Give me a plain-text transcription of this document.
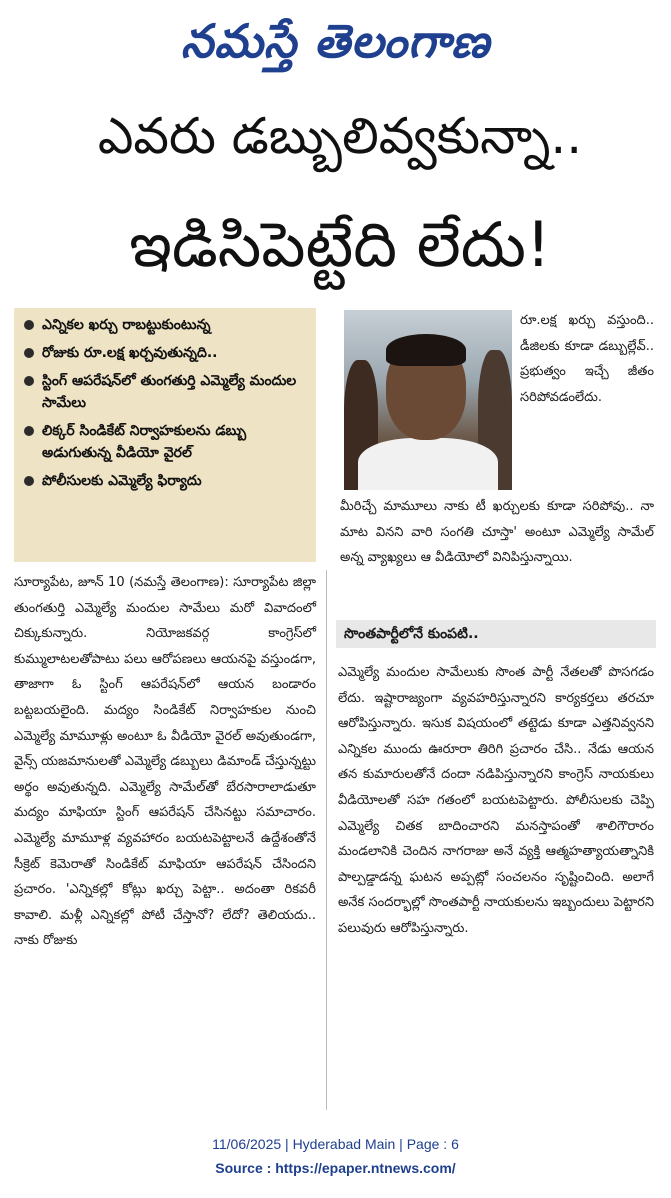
నమస్తే తెలంగాణ
ఎవరు డబ్బులివ్వకున్నా..
ఇడిసిపెట్టేది లేదు!
ఎన్నికల ఖర్చు రాబట్టుకుంటున్న
రోజుకు రూ.లక్ష ఖర్చవుతున్నది..
స్టింగ్ ఆపరేషన్‌లో తుంగతుర్తి ఎమ్మెల్యే మందుల సామేలు
లిక్కర్ సిండికేట్ నిర్వాహకులను డబ్బు అడుగుతున్న వీడియో వైరల్
పోలీసులకు ఎమ్మెల్యే ఫిర్యాదు
రూ.లక్ష ఖర్చు వస్తుంది.. డీజిలకు కూడా డబ్బుల్లేవ్.. ప్రభుత్వం ఇచ్చే జీతం సరిపోవడంలేదు.
మీరిచ్చే మామూలు నాకు టీ ఖర్చులకు కూడా సరిపోవు.. నా మాట వినని వారి సంగతి చూస్తా' అంటూ ఎమ్మెల్యే సామేల్ అన్న వ్యాఖ్యలు ఆ వీడియోలో వినిపిస్తున్నాయి.
సూర్యాపేట, జూన్ 10 (నమస్తే తెలంగాణ): సూర్యాపేట జిల్లా తుంగతుర్తి ఎమ్మెల్యే మందుల సామేలు మరో వివాదంలో చిక్కుకున్నారు. నియోజకవర్గ కాంగ్రెస్‌లో కుమ్ములాటలతోపాటు పలు ఆరోపణలు ఆయనపై వస్తుండగా, తాజాగా ఓ స్టింగ్ ఆపరేషన్‌లో ఆయన బండారం బట్టబయలైంది. మద్యం సిండికేట్ నిర్వాహకుల నుంచి ఎమ్మెల్యే మామూళ్లు అంటూ ఓ వీడియో వైరల్ అవుతుండగా, వైన్స్ యజమానులతో ఎమ్మెల్యే డబ్బులు డిమాండ్ చేస్తున్నట్టు అర్థం అవుతున్నది. ఎమ్మెల్యే సామేల్‌తో బేరసారాలాడుతూ మద్యం మాఫియా స్టింగ్ ఆపరేషన్ చేసినట్టు సమాచారం. ఎమ్మెల్యే మామూళ్ల వ్యవహారం బయటపెట్టాలనే ఉద్దేశంతోనే సీక్రెట్ కెమెరాతో సిండికేట్ మాఫియా ఆపరేషన్ చేసిందని ప్రచారం. 'ఎన్నికల్లో కోట్లు ఖర్చు పెట్టా.. అదంతా రికవరీ కావాలి. మళ్లీ ఎన్నికల్లో పోటీ చేస్తానో? లేదో? తెలియదు.. నాకు రోజుకు
సొంతపార్టీలోనే కుంపటి..
ఎమ్మెల్యే మందుల సామేలుకు సొంత పార్టీ నేతలతో పొసగడం లేదు. ఇష్టారాజ్యంగా వ్యవహరిస్తున్నారని కార్యకర్తలు తరచూ ఆరోపిస్తున్నారు. ఇసుక విషయంలో తట్టెడు కూడా ఎత్తనివ్వనని ఎన్నికల ముందు ఊరూరా తిరిగి ప్రచారం చేసి.. నేడు ఆయన తన కుమారులతోనే దందా నడిపిస్తున్నారని కాంగ్రెస్ నాయకులు వీడియోలతో సహ గతంలో బయటపెట్టారు. పోలీసులకు చెప్పి ఎమ్మెల్యే చితక బాదించారని మనస్తాపంతో శాలిగౌరారం మండలానికి చెందిన నాగరాజు అనే వ్యక్తి ఆత్మహత్యాయత్నానికి పాల్పడ్డాడన్న ఘటన అప్పట్లో సంచలనం సృష్టించింది. అలాగే అనేక సందర్భాల్లో సొంతపార్టీ నాయకులను ఇబ్బందులు పెట్టారని పలువురు ఆరోపిస్తున్నారు.
11/06/2025 | Hyderabad Main | Page : 6
Source : https://epaper.ntnews.com/
